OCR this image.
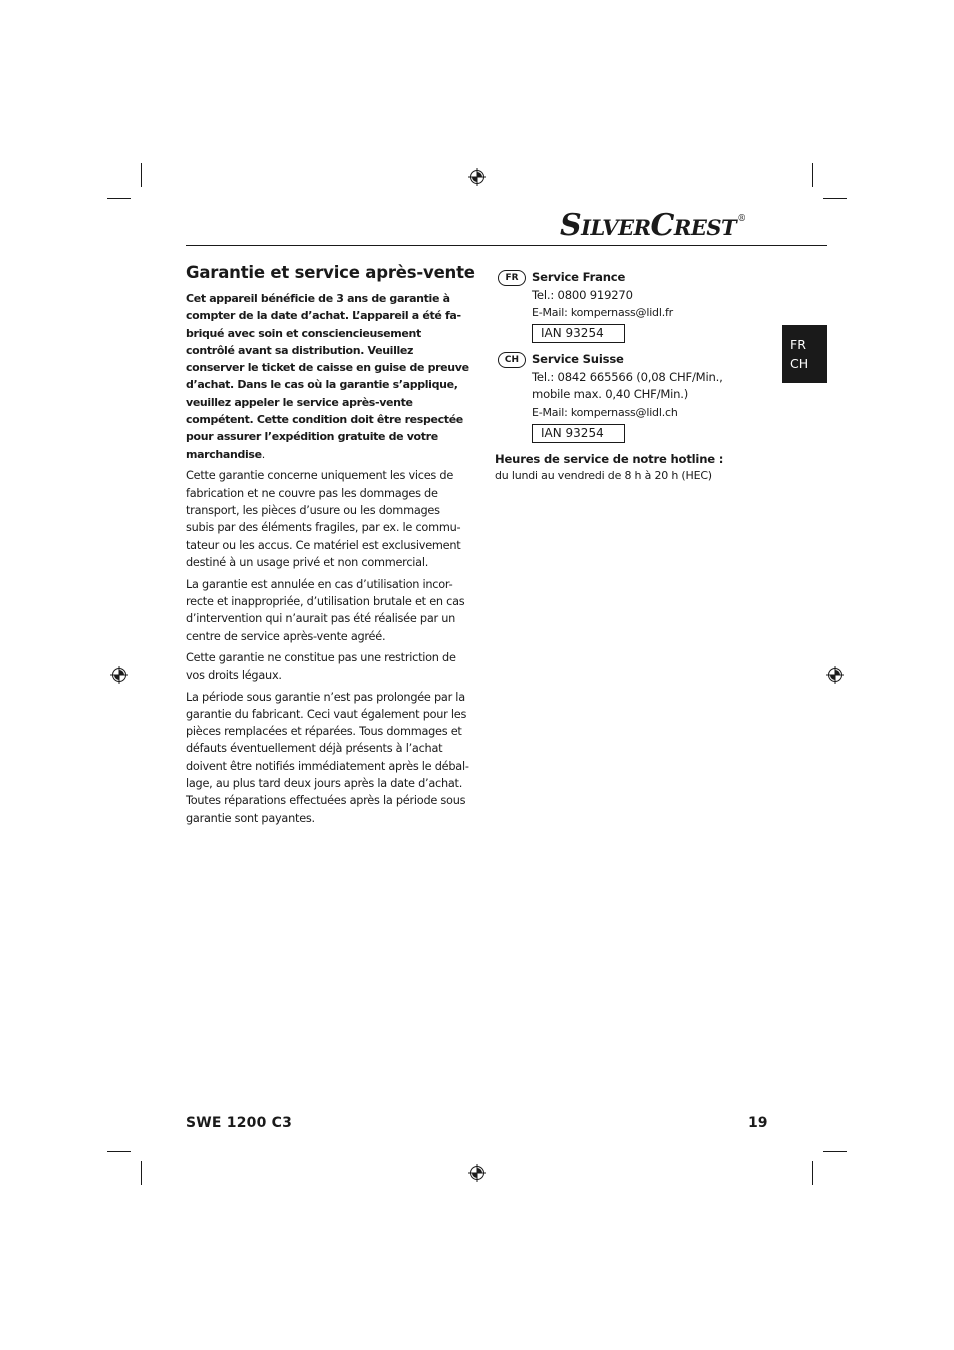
S ILVER C REST ®
Garantie et service après-vente

Cet appareil bénéficie de 3 ans de garantie à compter de la date d’achat. L’appareil a été fa- briqué avec soin et consciencieusement contrôlé avant sa distribution. Veuillez conserver le ticket de caisse en guise de preuve d’achat. Dans le cas où la garantie s’applique, veuillez appeler le service après-vente compétent. Cette condition doit être respectée pour assurer l’expédition gratuite de votre marchandise.

Cette garantie concerne uniquement les vices de fabrication et ne couvre pas les dommages de transport, les pièces d’usure ou les dommages subis par des éléments fragiles, par ex. le commu- tateur ou les accus. Ce matériel est exclusivement destiné à un usage privé et non commercial.

La garantie est annulée en cas d’utilisation incor- recte et inappropriée, d’utilisation brutale et en cas d’intervention qui n’aurait pas été réalisée par un centre de service après-vente agréé.

Cette garantie ne constitue pas une restriction de vos droits légaux.

La période sous garantie n’est pas prolongée par la garantie du fabricant. Ceci vaut également pour les pièces remplacées et réparées. Tous dommages et défauts éventuellement déjà présents à l’achat doivent être notifiés immédiatement après le débal- lage, au plus tard deux jours après la date d’achat. Toutes réparations effectuées après la période sous garantie sont payantes.

FR	Service France
Tel.: 0800 919270
E-Mail: kompernass@lidl.fr
IAN 93254
CH	Service Suisse
Tel.: 0842 665566 (0,08 CHF/Min.,
mobile max. 0,40 CHF/Min.)
E-Mail: kompernass@lidl.ch
IAN 93254
Heures de service de notre hotline :
du lundi au vendredi de 8 h à 20 h (HEC)
FR
CH
SWE 1200 C3	19
